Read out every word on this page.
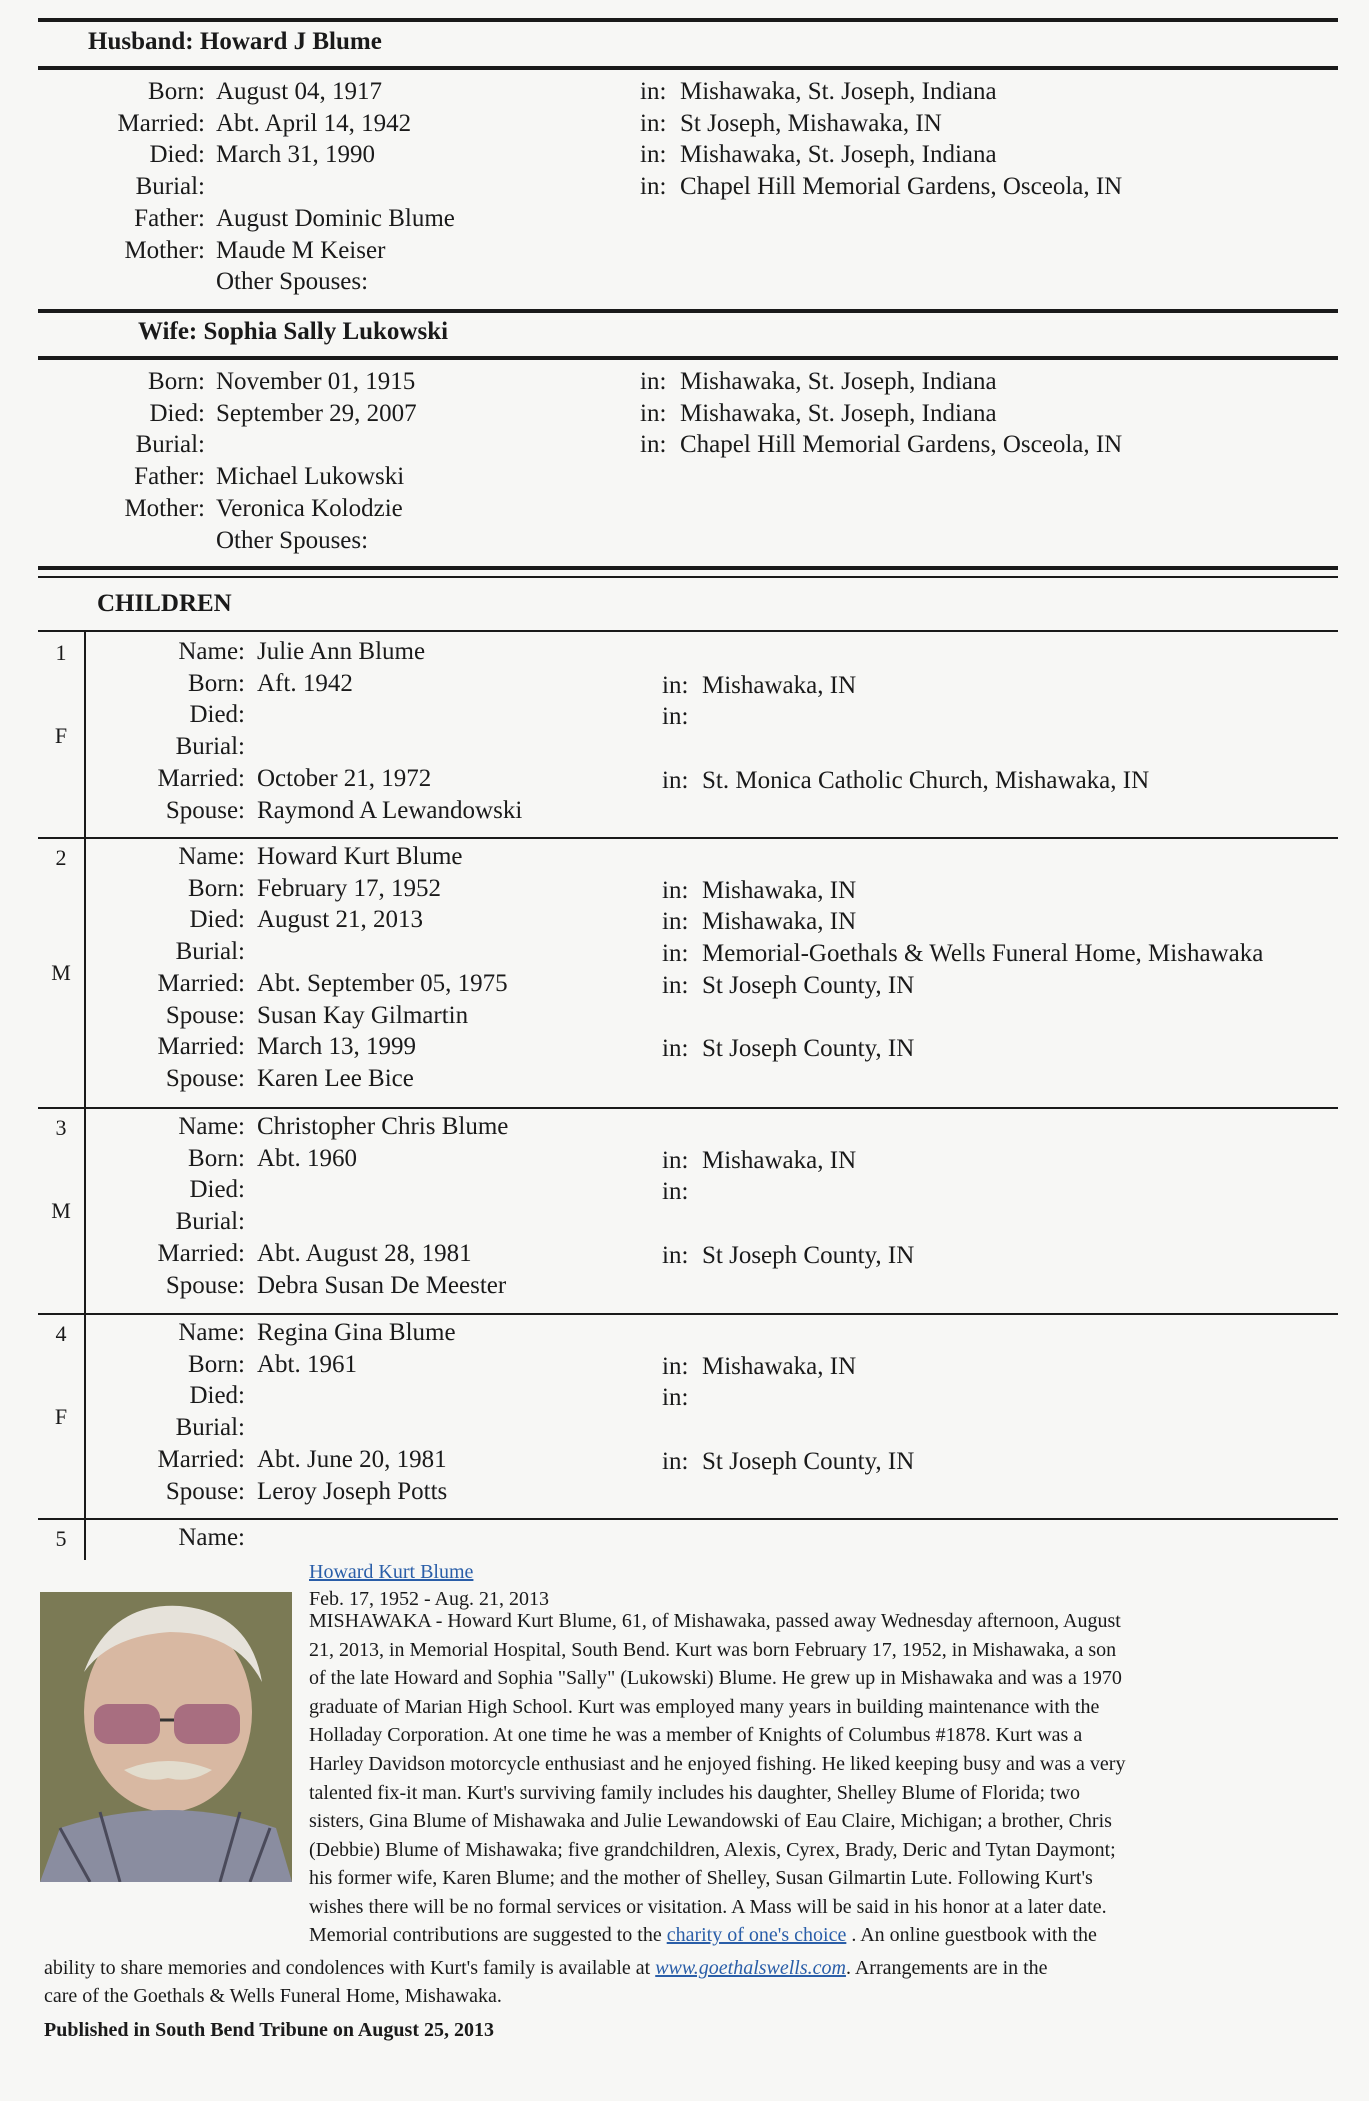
Husband: Howard J Blume
Born: August 04, 1917	in: Mishawaka, St. Joseph, Indiana
Married: Abt. April 14, 1942	in: St Joseph, Mishawaka, IN
Died: March 31, 1990	in: Mishawaka, St. Joseph, Indiana
Burial:	in: Chapel Hill Memorial Gardens, Osceola, IN
Father: August Dominic Blume
Mother: Maude M Keiser
Other Spouses:
Wife: Sophia Sally Lukowski
Born: November 01, 1915	in: Mishawaka, St. Joseph, Indiana
Died: September 29, 2007	in: Mishawaka, St. Joseph, Indiana
Burial:	in: Chapel Hill Memorial Gardens, Osceola, IN
Father: Michael Lukowski
Mother: Veronica Kolodzie
Other Spouses:
CHILDREN
1
F
Name: Julie Ann Blume
Born: Aft. 1942	in: Mishawaka, IN
Died:	in:
Burial:
Married: October 21, 1972	in: St. Monica Catholic Church, Mishawaka, IN
Spouse: Raymond A Lewandowski
2
M
Name: Howard Kurt Blume
Born: February 17, 1952	in: Mishawaka, IN
Died: August 21, 2013	in: Mishawaka, IN
Burial:	in: Memorial-Goethals & Wells Funeral Home, Mishawaka
Married: Abt. September 05, 1975	in: St Joseph County, IN
Spouse: Susan Kay Gilmartin
Married: March 13, 1999	in: St Joseph County, IN
Spouse: Karen Lee Bice
3
M
Name: Christopher Chris Blume
Born: Abt. 1960	in: Mishawaka, IN
Died:	in:
Burial:
Married: Abt. August 28, 1981	in: St Joseph County, IN
Spouse: Debra Susan De Meester
4
F
Name: Regina Gina Blume
Born: Abt. 1961	in: Mishawaka, IN
Died:	in:
Burial:
Married: Abt. June 20, 1981	in: St Joseph County, IN
Spouse: Leroy Joseph Potts
5	Name:
Howard Kurt Blume
Feb. 17, 1952 - Aug. 21, 2013
MISHAWAKA - Howard Kurt Blume, 61, of Mishawaka, passed away Wednesday afternoon, August
21, 2013, in Memorial Hospital, South Bend. Kurt was born February 17, 1952, in Mishawaka, a son
of the late Howard and Sophia "Sally" (Lukowski) Blume. He grew up in Mishawaka and was a 1970
graduate of Marian High School. Kurt was employed many years in building maintenance with the
Holladay Corporation. At one time he was a member of Knights of Columbus #1878. Kurt was a
Harley Davidson motorcycle enthusiast and he enjoyed fishing. He liked keeping busy and was a very
talented fix-it man. Kurt's surviving family includes his daughter, Shelley Blume of Florida; two
sisters, Gina Blume of Mishawaka and Julie Lewandowski of Eau Claire, Michigan; a brother, Chris
(Debbie) Blume of Mishawaka; five grandchildren, Alexis, Cyrex, Brady, Deric and Tytan Daymont;
his former wife, Karen Blume; and the mother of Shelley, Susan Gilmartin Lute. Following Kurt's
wishes there will be no formal services or visitation. A Mass will be said in his honor at a later date.
Memorial contributions are suggested to the charity of one's choice . An online guestbook with the
ability to share memories and condolences with Kurt's family is available at www.goethalswells.com. Arrangements are in the
care of the Goethals & Wells Funeral Home, Mishawaka.
Published in South Bend Tribune on August 25, 2013
